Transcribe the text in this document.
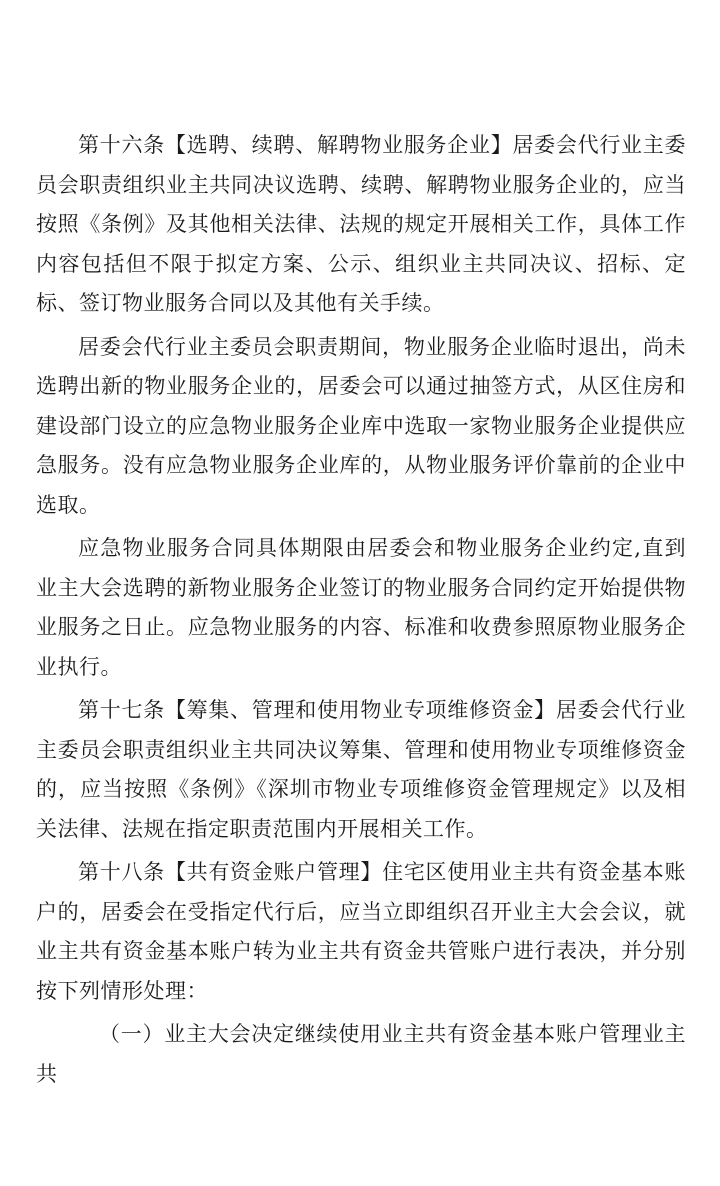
第十六条【选聘、续聘、解聘物业服务企业】居委会代行业主委员会职责组织业主共同决议选聘、续聘、解聘物业服务企业的，应当按照《条例》及其他相关法律、法规的规定开展相关工作，具体工作内容包括但不限于拟定方案、公示、组织业主共同决议、招标、定标、签订物业服务合同以及其他有关手续。

居委会代行业主委员会职责期间，物业服务企业临时退出，尚未选聘出新的物业服务企业的，居委会可以通过抽签方式，从区住房和建设部门设立的应急物业服务企业库中选取一家物业服务企业提供应急服务。没有应急物业服务企业库的，从物业服务评价靠前的企业中选取。

应急物业服务合同具体期限由居委会和物业服务企业约定,直到业主大会选聘的新物业服务企业签订的物业服务合同约定开始提供物业服务之日止。应急物业服务的内容、标准和收费参照原物业服务企业执行。

第十七条【筹集、管理和使用物业专项维修资金】居委会代行业主委员会职责组织业主共同决议筹集、管理和使用物业专项维修资金的，应当按照《条例》《深圳市物业专项维修资金管理规定》以及相关法律、法规在指定职责范围内开展相关工作。

第十八条【共有资金账户管理】住宅区使用业主共有资金基本账户的，居委会在受指定代行后，应当立即组织召开业主大会会议，就业主共有资金基本账户转为业主共有资金共管账户进行表决，并分别按下列情形处理：

（一）业主大会决定继续使用业主共有资金基本账户管理业主共
